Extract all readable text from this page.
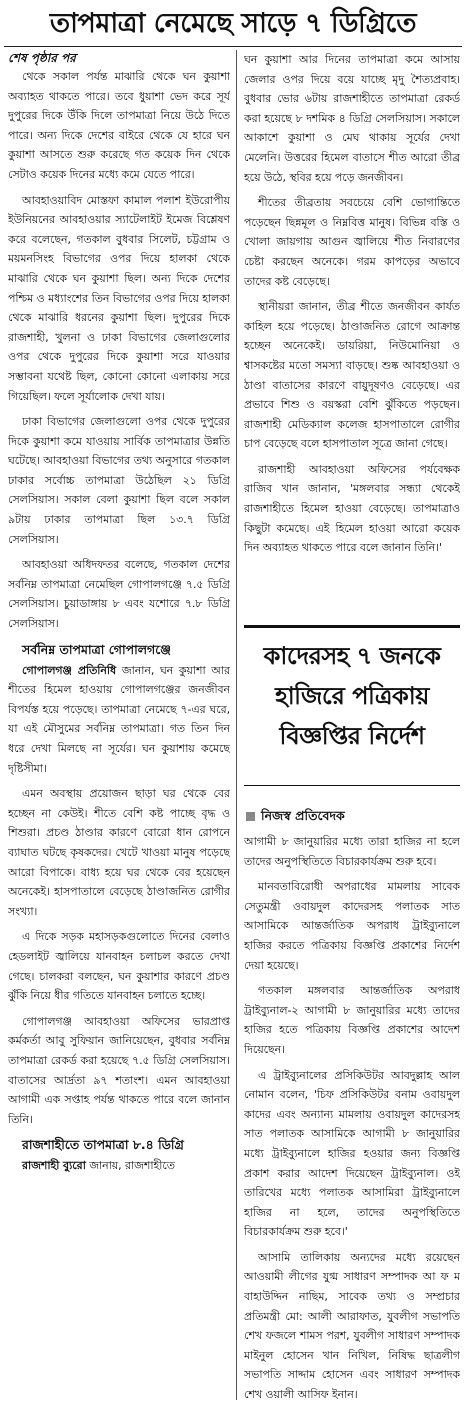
তাপমাত্রা নেমেছে সাড়ে ৭ ডিগ্রিতে

শেষ পৃষ্ঠার পর

থেকে সকাল পর্যন্ত মাঝারি থেকে ঘন কুয়াশা অব্যাহত থাকতে পারে। তবে ধুয়াশা ভেদ করে সূর্য দুপুরের দিকে উঁকি দিলে তাপমাত্রা নিয়ে উঠে দিতে পারে। অন্য দিকে দেশের বাইরে থেকে যে হারে ঘন কুয়াশা আসতে শুরু করেছে গত কয়েক দিন থেকে সেটাও কয়েক দিনের মধ্যে কমে যেতে পারে।

আবহাওয়াবিদ মোস্তফা কামাল পলাশ ইউরোপীয় ইউনিয়নের আবহাওয়ার স্যাটেলাইট ইমেজ বিশ্লেষণ করে বলেছেন, গতকাল বুধবার সিলেট, চট্টগ্রাম ও ময়মনসিংহ বিভাগের ওপর দিয়ে হালকা থেকে মাঝারি থেকে ঘন কুয়াশা ছিল। অন্য দিকে দেশের পশ্চিম ও মধ্যাংশের তিন বিভাগের ওপর দিয়ে হালকা থেকে মাঝারি ধরনের কুয়াশা ছিল। দুপুরের দিকে রাজশাহী, খুলনা ও ঢাকা বিভাগের জেলাগুলোর ওপর থেকে দুপুরের দিকে কুয়াশা সরে যাওয়ার সম্ভাবনা যথেষ্ট ছিল, কোনো কোনো এলাকায় সরে গিয়েছিল। ফলে সূর্যালোক দেখা যায়।

ঢাকা বিভাগের জেলাগুলো ওপর থেকে দুপুরের দিকে কুয়াশা কমে যাওয়ায় সার্বিক তাপমাত্রার উন্নতি ঘটেছে। আবহাওয়া বিভাগের তথ্য অনুসারে গতকাল ঢাকার সর্বোচ্চ তাপমাত্রা উঠেছিল ২১ ডিগ্রি সেলসিয়াস। সকাল বেলা কুয়াশা ছিল বলে সকাল ৯টায় ঢাকার তাপমাত্রা ছিল ১৩.৭ ডিগ্রি সেলসিয়াস।

আবহাওয়া অধিদফতর বলেছে, গতকাল দেশের সর্বনিম্ন তাপমাত্রা নেমেছিল গোপালগঞ্জে ৭.৫ ডিগ্রি সেলসিয়াস। চুয়াডাঙ্গায় ৮ এবং যশোরে ৭.৮ ডিগ্রি সেলসিয়াস।

সর্বনিম্ন তাপমাত্রা গোপালগঞ্জে

গোপালগঞ্জ প্রতিনিধি জানান, ঘন কুয়াশা আর শীতের হিমেল হাওয়ায় গোপালগঞ্জের জনজীবন বিপর্যস্ত হয়ে পড়েছে। তাপমাত্রা নেমেছে ৭-এর ঘরে, যা এই মৌসুমের সর্বনিম্ন তাপমাত্রা। গত তিন দিন ধরে দেখা মিলছে না সূর্যের। ঘন কুয়াশায় কমেছে দৃষ্টিসীমা।

এমন অবস্থায় প্রয়োজন ছাড়া ঘর থেকে বের হচ্ছেন না কেউই। শীতে বেশি কষ্ট পাচ্ছে বৃদ্ধ ও শিশুরা। প্রচণ্ড ঠাণ্ডার কারণে বোরো ধান রোপনে ব্যাঘাত ঘটছে কৃষকদের। খেটে খাওয়া মানুষ পড়েছে আরো বিপাকে। বাধ্য হয়ে ঘর থেকে বের হয়েছেন অনেকেই। হাসপাতালে বেড়েছে ঠাণ্ডাজনিত রোগীর সংখ্যা।

এ দিকে সড়ক মহাসড়কগুলোতে দিনের বেলাও হেডলাইট জ্বালিয়ে যানবাহন চলাচল করতে দেখা গেছে। চালকরা বলছেন, ঘন কুয়াশার কারণে প্রচণ্ড ঝুঁকি নিয়ে ধীর গতিতে যানবাহন চলাতে হচ্ছে।

গোপালগঞ্জ আবহাওয়া অফিসের ভারপ্রাপ্ত কর্মকর্তা আবু সুফিয়ান জানিয়েছেন, বুধবার সর্বনিম্ন তাপমাত্রা রেকর্ড করা হয়েছে ৭.৫ ডিগ্রি সেলসিয়াস। বাতাসের আর্দ্রতা ৯৭ শতাংশ। এমন আবহাওয়া আগামী এক সপ্তাহ পর্যন্ত থাকতে পারে বলে জানান তিনি।

রাজশাহীতে তাপমাত্রা ৮.৪ ডিগ্রি

রাজশাহী ব্যুরো জানায়, রাজশাহীতে

ঘন কুয়াশা আর দিনের তাপমাত্রা কমে আসায় জেলার ওপর দিয়ে বয়ে যাচ্ছে মৃদু শৈত্যপ্রবাহ। বুধবার ভোর ৬টায় রাজশাহীতে তাপমাত্রা রেকর্ড করা হয়েছে ৮ দশমিক ৪ ডিগ্রি সেলসিয়াস। সকালে আকাশে কুয়াশা ও মেঘ থাকায় সূর্যের দেখা মেলেনি। উত্তরের হিমেল বাতাসে শীত আরো তীব্র হয়ে উঠে, স্থবির হয়ে পড়ে জনজীবন।

শীতের তীব্রতায় সবচেয়ে বেশি ভোগান্তিতে পড়েছেন ছিন্নমূল ও নিম্নবিত্ত মানুষ। বিভিন্ন বস্তি ও খোলা জায়গায় আগুন জ্বালিয়ে শীত নিবারণের চেষ্টা করছেন অনেকে। গরম কাপড়ের অভাবে তাদের কষ্ট বেড়েছে।

স্থানীয়রা জানান, তীব্র শীতে জনজীবন কার্যত কাহিল হয়ে পড়েছে। ঠাণ্ডাজনিত রোগে আক্রান্ত হচ্ছেন অনেকেই। ডায়রিয়া, নিউমোনিয়া ও শ্বাসকষ্টের মতো সমস্যা বাড়ছে। শুষ্ক আবহাওয়া ও ঠাণ্ডা বাতাসের কারণে বায়ুদূষণও বেড়েছে। এর প্রভাবে শিশু ও বয়স্করা বেশি ঝুঁকিতে পড়ছেন। রাজশাহী মেডিক্যাল কলেজ হাসপাতালে রোগীর চাপ বেড়েছে বলে হাসপাতাল সূত্রে জানা গেছে।

রাজশাহী আবহাওয়া অফিসের পর্যবেক্ষক রাজিব খান জানান, 'মঙ্গলবার সন্ধ্যা থেকেই রাজশাহীতে হিমেল হাওয়া বেড়েছে। তাপমাত্রাও কিছুটা কমেছে। এই হিমেল হাওয়া আরো কয়েক দিন অব্যাহত থাকতে পারে বলে জানান তিনি।'

কাদেরসহ ৭ জনকে

হাজিরে পত্রিকায়

বিজ্ঞপ্তির নির্দেশ

নিজস্ব প্রতিবেদক

আগামী ৮ জানুয়ারির মধ্যে তারা হাজির না হলে তাদের অনুপস্থিতিতে বিচারকার্যক্রম শুরু হবে।

মানবতাবিরোধী অপরাধের মামলায় সাবেক সেতুমন্ত্রী ওবায়দুল কাদেরসহ পলাতক সাত আসামিকে আন্তর্জাতিক অপরাধ ট্রাইব্যুনালে হাজির করতে পত্রিকায় বিজ্ঞপ্তি প্রকাশের নির্দেশ দেয়া হয়েছে।

গতকাল মঙ্গলবার আন্তর্জাতিক অপরাধ ট্রাইব্যুনাল-২ আগামী ৮ জানুয়ারির মধ্যে তাদের হাজির হতে পত্রিকায় বিজ্ঞপ্তি প্রকাশের আদেশ দিয়েছেন।

এ ট্রাইব্যুনালের প্রসিকিউটর আবদুল্লাহ আল নোমান বলেন, 'চিফ প্রসিকিউটর বনাম ওবায়দুল কাদের এবং অন্যান্য মামলায় ওবায়দুল কাদেরসহ সাত পলাতক আসামিকে আগামী ৮ জানুয়ারির মধ্যে ট্রাইব্যুনালে হাজির হওয়ার জন্য বিজ্ঞপ্তি প্রকাশ করার আদেশ দিয়েছেন ট্রাইব্যুনাল। ওই তারিখের মধ্যে পলাতক আসামিরা ট্রাইব্যুনালে হাজির না হলে, তাদের অনুপস্থিতিতে বিচারকার্যক্রম শুরু হবে।'

আসামি তালিকায় অন্যদের মধ্যে রয়েছেন আওয়ামী লীগের যুগ্ম সাধারণ সম্পাদক আ ফ ম বাহাউদ্দিন নাছিম, সাবেক তথ্য ও সম্প্রচার প্রতিমন্ত্রী মো: আলী আরাফাত, যুবলীগ সভাপতি শেখ ফজলে শামস পরশ, যুবলীগ সাধারণ সম্পাদক মাইনুল হোসেন খান নিখিল, নিষিদ্ধ ছাত্রলীগ সভাপতি সাদ্দাম হোসেন এবং সাধারণ সম্পাদক শেখ ওয়ালী আসিফ ইনান।
